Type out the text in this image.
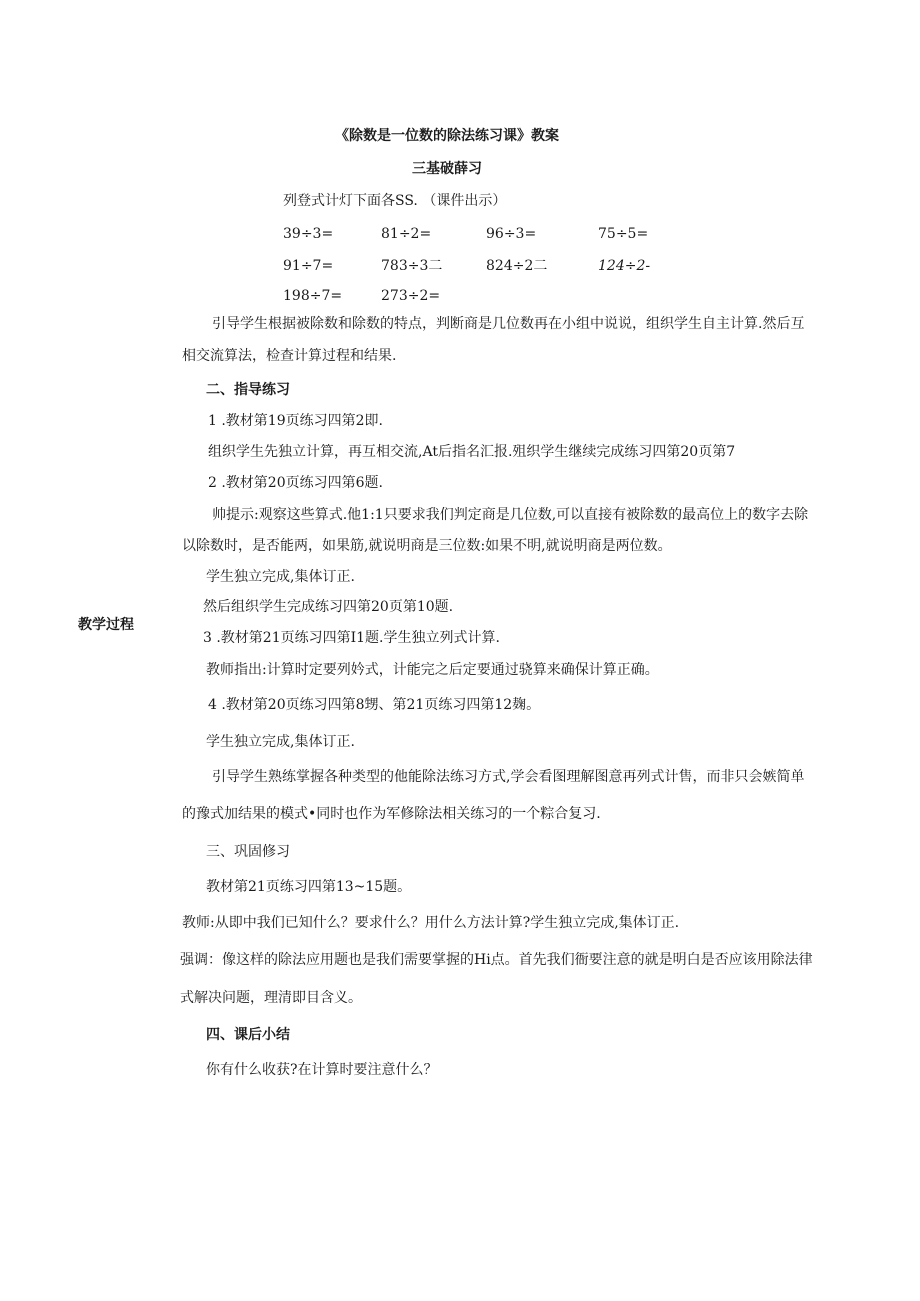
《除数是一位数的除法练习课》教案

三基破薛习

列登式计灯下面各SS. （课件出示）

39÷3=	81÷2=	96÷3=	75÷5=
91÷7=	783÷3二	824÷2二	124÷2-
198÷7=	273÷2=

引导学生根据被除数和除数的特点，判断商是几位数再在小组中说说，组织学生自主计算.然后互

相交流算法，检查计算过程和结果.

二、指导练习

1 .教材第19页练习四第2即.

组织学生先独立计算，再互相交流,At后指名汇报.殂织学生继续完成练习四第20页第7

2 .教材第20页练习四第6题.

帅提示:观察这些算式.他1:1只要求我们判定商是几位数,可以直接有被除数的最高位上的数字去除

以除数时，是否能两，如果筋,就说明商是三位数:如果不明,就说明商是两位数。

学生独立完成,集体订正.

然后组织学生完成练习四第20页第10题.

教学过程

3 .教材第21页练习四第I1题.学生独立列式计算.

教师指出:计算时定要列妗式，计能完之后定要通过骁算来确保计算正确。

4 .教材第20页练习四第8甥、第21页练习四第12麹。

学生独立完成,集体订正.

引导学生熟练掌握各种类型的他能除法练习方式,学会看图理解图意再列式计售，而非只会嫉简单

的豫式加结果的模式•同时也作为军修除法相关练习的一个粽合复习.

三、巩固修习

教材第21页练习四第13~15题。

教师:从即中我们已知什么？要求什么？用什么方法计算?学生独立完成,集体订正.

强调：像这样的除法应用题也是我们需要掌握的Hi点。首先我们衙要注意的就是明白是否应该用除法律

式解决问题，理清即目含义。

四、课后小结

你有什么收获?在计算时要注意什么？
